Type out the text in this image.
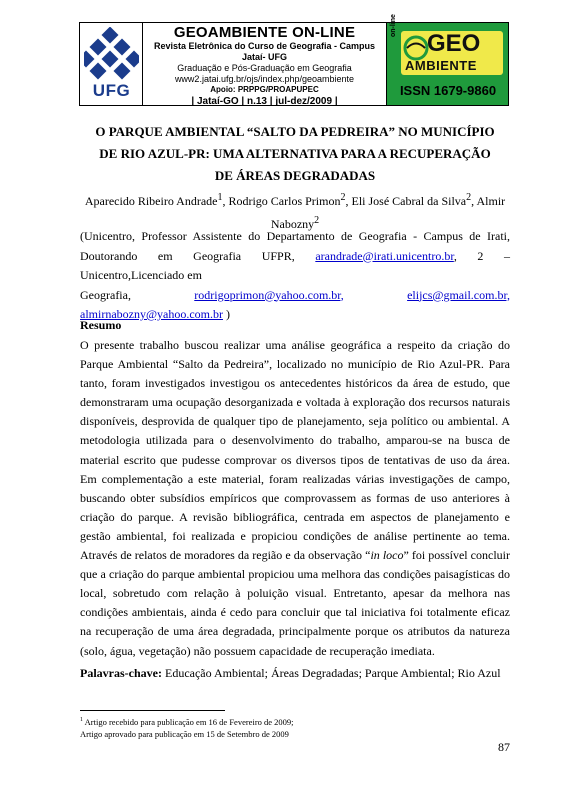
UFG
GEOAMBIENTE ON-LINE
Revista Eletrônica do Curso de Geografia - Campus Jataí- UFG
Graduação e Pós-Graduação em Geografia
www2.jatai.ufg.br/ojs/index.php/geoambiente
Apoio: PRPPG/PROAPUPEC
| Jataí-GO | n.13 | jul-dez/2009 |
on-line
GEO
AMBIENTE
ISSN 1679-9860
O PARQUE AMBIENTAL “SALTO DA PEDREIRA” NO MUNICÍPIO
DE RIO AZUL-PR: UMA ALTERNATIVA PARA A RECUPERAÇÃO
DE ÁREAS DEGRADADAS
Aparecido Ribeiro Andrade$^1$, Rodrigo Carlos Primon$^2$, Eli José Cabral da Silva$^2$, Almir Nabozny$^2$
(Unicentro, Professor Assistente do Departamento de Geografia - Campus de Irati, Doutorando em Geografia UFPR, arandrade@irati.unicentro.br, 2 – Unicentro,Licenciado em
Geografia,	rodrigoprimon@yahoo.com.br,	elijcs@gmail.com.br,
almirnabozny@yahoo.com.br )
Resumo
O presente trabalho buscou realizar uma análise geográfica a respeito da criação do Parque Ambiental “Salto da Pedreira”, localizado no município de Rio Azul-PR. Para tanto, foram investigados investigou os antecedentes históricos da área de estudo, que demonstraram uma ocupação desorganizada e voltada à exploração dos recursos naturais disponíveis, desprovida de qualquer tipo de planejamento, seja político ou ambiental. A metodologia utilizada para o desenvolvimento do trabalho, amparou-se na busca de material escrito que pudesse comprovar os diversos tipos de tentativas de uso da área. Em complementação a este material, foram realizadas várias investigações de campo, buscando obter subsídios empíricos que comprovassem as formas de uso anteriores à criação do parque. A revisão bibliográfica, centrada em aspectos de planejamento e gestão ambiental, foi realizada e propiciou condições de análise pertinente ao tema. Através de relatos de moradores da região e da observação “in loco” foi possível concluir que a criação do parque ambiental propiciou uma melhora das condições paisagísticas do local, sobretudo com relação à poluição visual. Entretanto, apesar da melhora nas condições ambientais, ainda é cedo para concluir que tal iniciativa foi totalmente eficaz na recuperação de uma área degradada, principalmente porque os atributos da natureza (solo, água, vegetação) não possuem capacidade de recuperação imediata.
Palavras-chave: Educação Ambiental; Áreas Degradadas; Parque Ambiental; Rio Azul
$^1$ Artigo recebido para publicação em 16 de Fevereiro de 2009;
Artigo aprovado para publicação em 15 de Setembro de 2009
87
